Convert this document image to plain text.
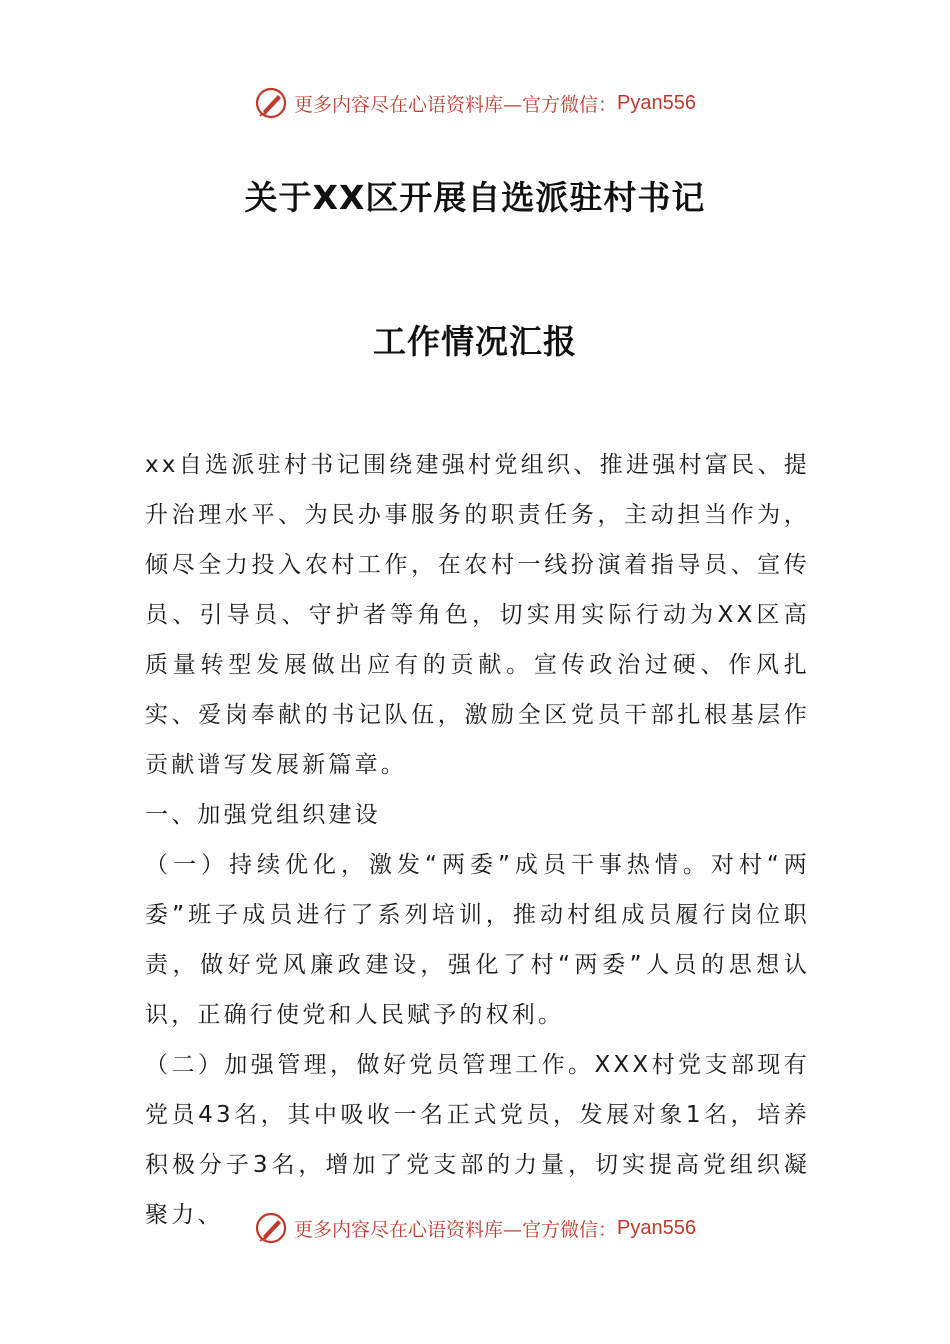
更多内容尽在心语资料库—官方微信： Pyan556
关于XX区开展自选派驻村书记
工作情况汇报

xx自选派驻村书记围绕建强村党组织、推进强村富民、提升治理水平、为民办事服务的职责任务，主动担当作为，倾尽全力投入农村工作，在农村一线扮演着指导员、宣传员、引导员、守护者等角色，切实用实际行动为XX区高质量转型发展做出应有的贡献。宣传政治过硬、作风扎实、爱岗奉献的书记队伍，激励全区党员干部扎根基层作贡献谱写发展新篇章。

一、加强党组织建设

（一）持续优化，激发“两委”成员干事热情。对村“两委”班子成员进行了系列培训，推动村组成员履行岗位职责，做好党风廉政建设，强化了村“两委”人员的思想认识，正确行使党和人民赋予的权利。

（二）加强管理，做好党员管理工作。XXX村党支部现有党员43名，其中吸收一名正式党员，发展对象1名，培养积极分子3名，增加了党支部的力量，切实提高党组织凝聚力、

更多内容尽在心语资料库—官方微信： Pyan556
